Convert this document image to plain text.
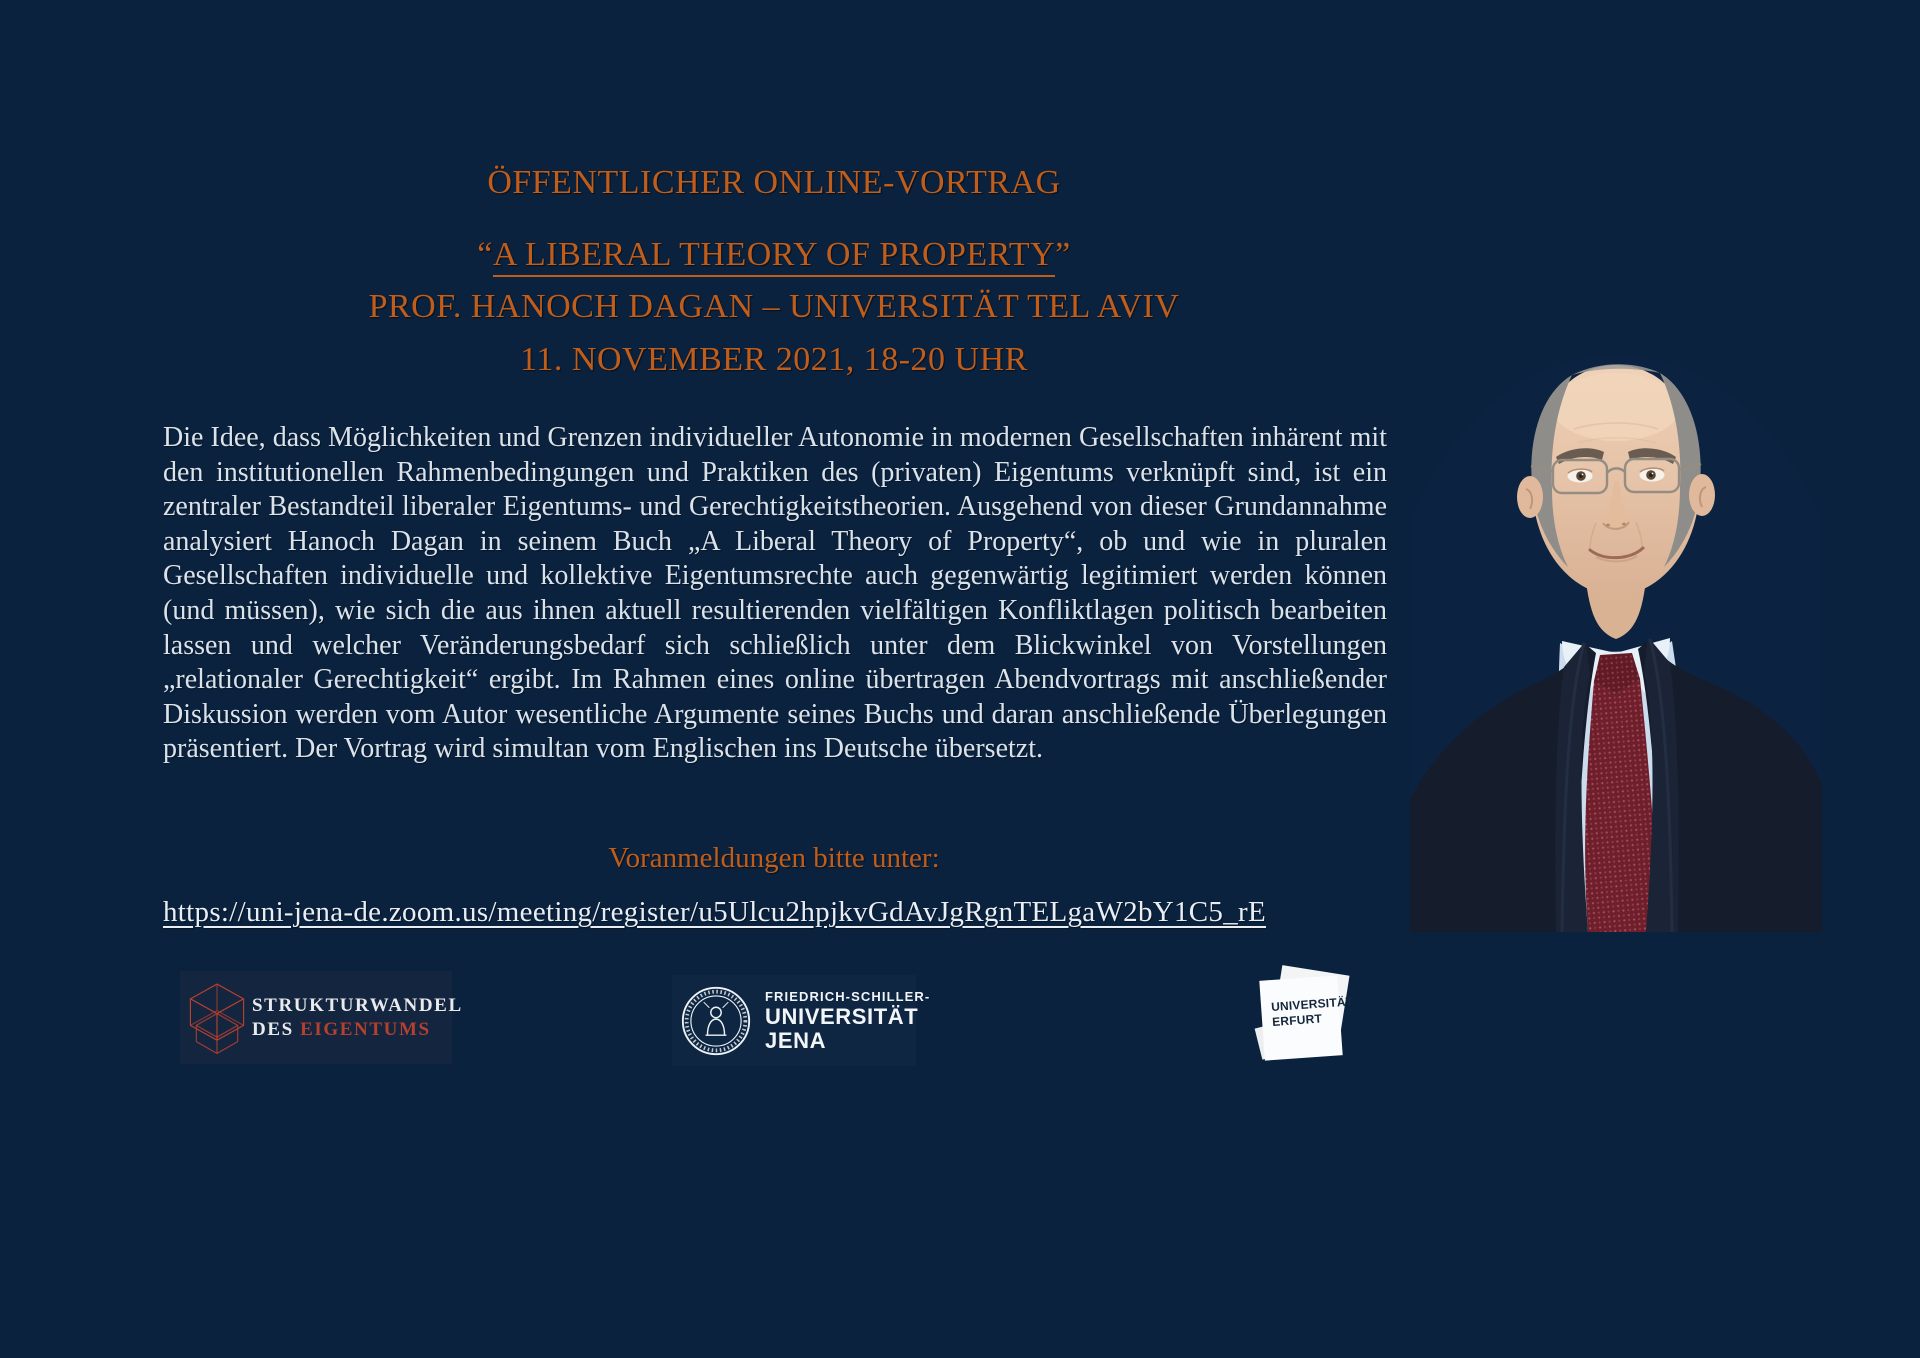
ÖFFENTLICHER ONLINE-VORTRAG
“A LIBERAL THEORY OF PROPERTY”
PROF. HANOCH DAGAN – UNIVERSITÄT TEL AVIV
11. NOVEMBER 2021, 18-20 UHR
Die Idee, dass Möglichkeiten und Grenzen individueller Autonomie in modernen Gesellschaften inhärent mit den institutionellen Rahmenbedingungen und Praktiken des (privaten) Eigentums verknüpft sind, ist ein zentraler Bestandteil liberaler Eigentums- und Gerechtigkeitstheorien. Ausgehend von dieser Grundannahme analysiert Hanoch Dagan in seinem Buch „A Liberal Theory of Property“, ob und wie in pluralen Gesellschaften individuelle und kollektive Eigentumsrechte auch gegenwärtig legitimiert werden können (und müssen), wie sich die aus ihnen aktuell resultierenden vielfältigen Konfliktlagen politisch bearbeiten lassen und welcher Veränderungsbedarf sich schließlich unter dem Blickwinkel von Vorstellungen „relationaler Gerechtigkeit“ ergibt. Im Rahmen eines online übertragen Abendvortrags mit anschließender Diskussion werden vom Autor wesentliche Argumente seines Buchs und daran anschließende Überlegungen präsentiert. Der Vortrag wird simultan vom Englischen ins Deutsche übersetzt.
Voranmeldungen bitte unter:
https://uni-jena-de.zoom.us/meeting/register/u5Ulcu2hpjkvGdAvJgRgnTELgaW2bY1C5_rE
STRUKTURWANDEL
DES EIGENTUMS
FRIEDRICH-SCHILLER-
UNIVERSITÄT
JENA
UNIVERSITÄT
ERFURT
